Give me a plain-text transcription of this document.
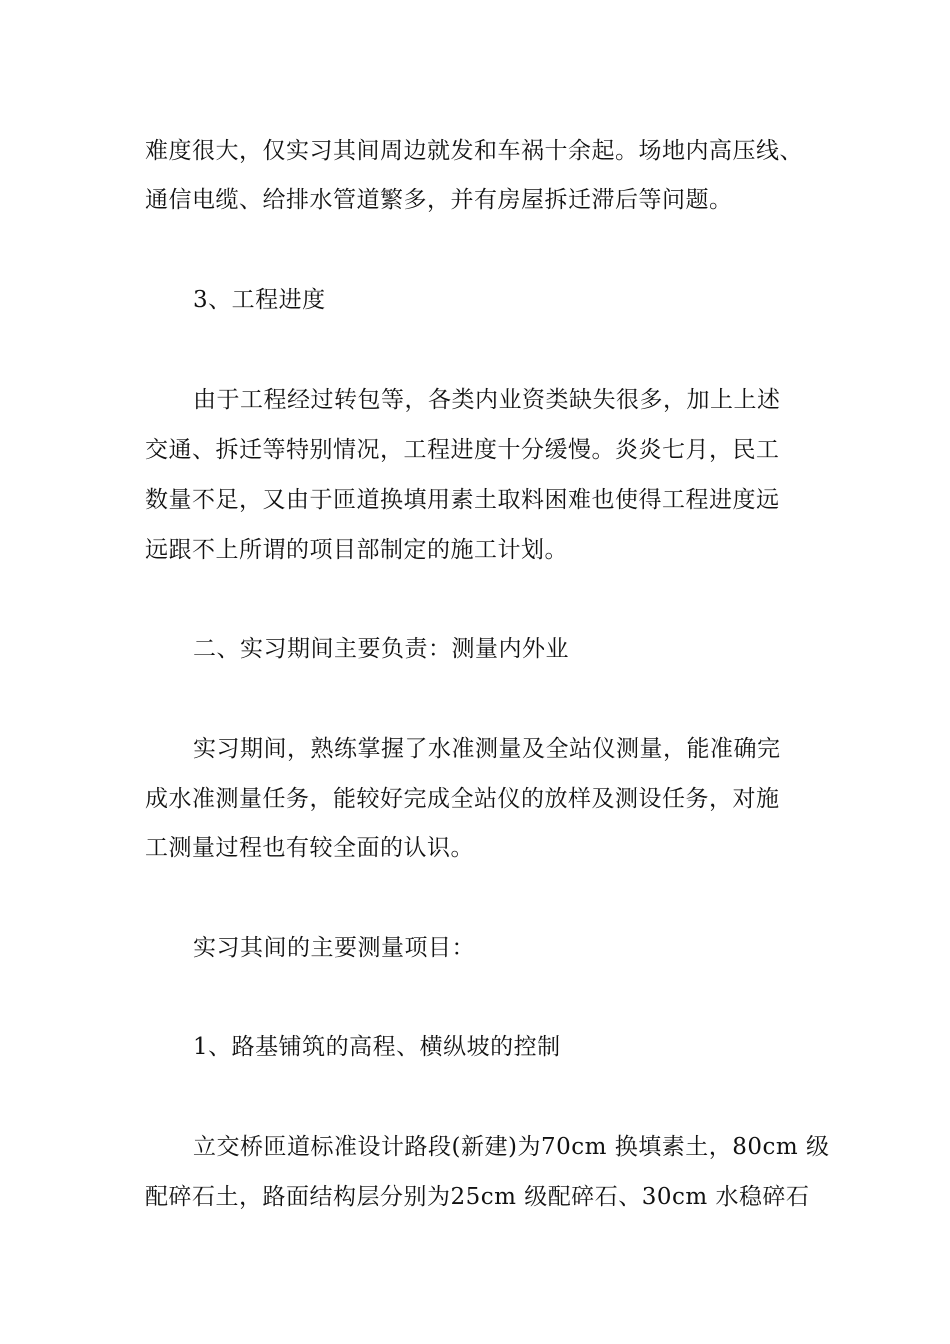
难度很大，仅实习其间周边就发和车祸十余起。场地内高压线、
通信电缆、给排水管道繁多，并有房屋拆迁滞后等问题。
3、工程进度
由于工程经过转包等，各类内业资类缺失很多，加上上述
交通、拆迁等特别情况，工程进度十分缓慢。炎炎七月，民工
数量不足，又由于匝道换填用素土取料困难也使得工程进度远
远跟不上所谓的项目部制定的施工计划。
二、实习期间主要负责：测量内外业
实习期间，熟练掌握了水准测量及全站仪测量，能准确完
成水准测量任务，能较好完成全站仪的放样及测设任务，对施
工测量过程也有较全面的认识。
实习其间的主要测量项目：
1、路基铺筑的高程、横纵坡的控制
立交桥匝道标准设计路段(新建)为70cm 换填素土，80cm 级
配碎石土，路面结构层分别为25cm 级配碎石、30cm 水稳碎石
